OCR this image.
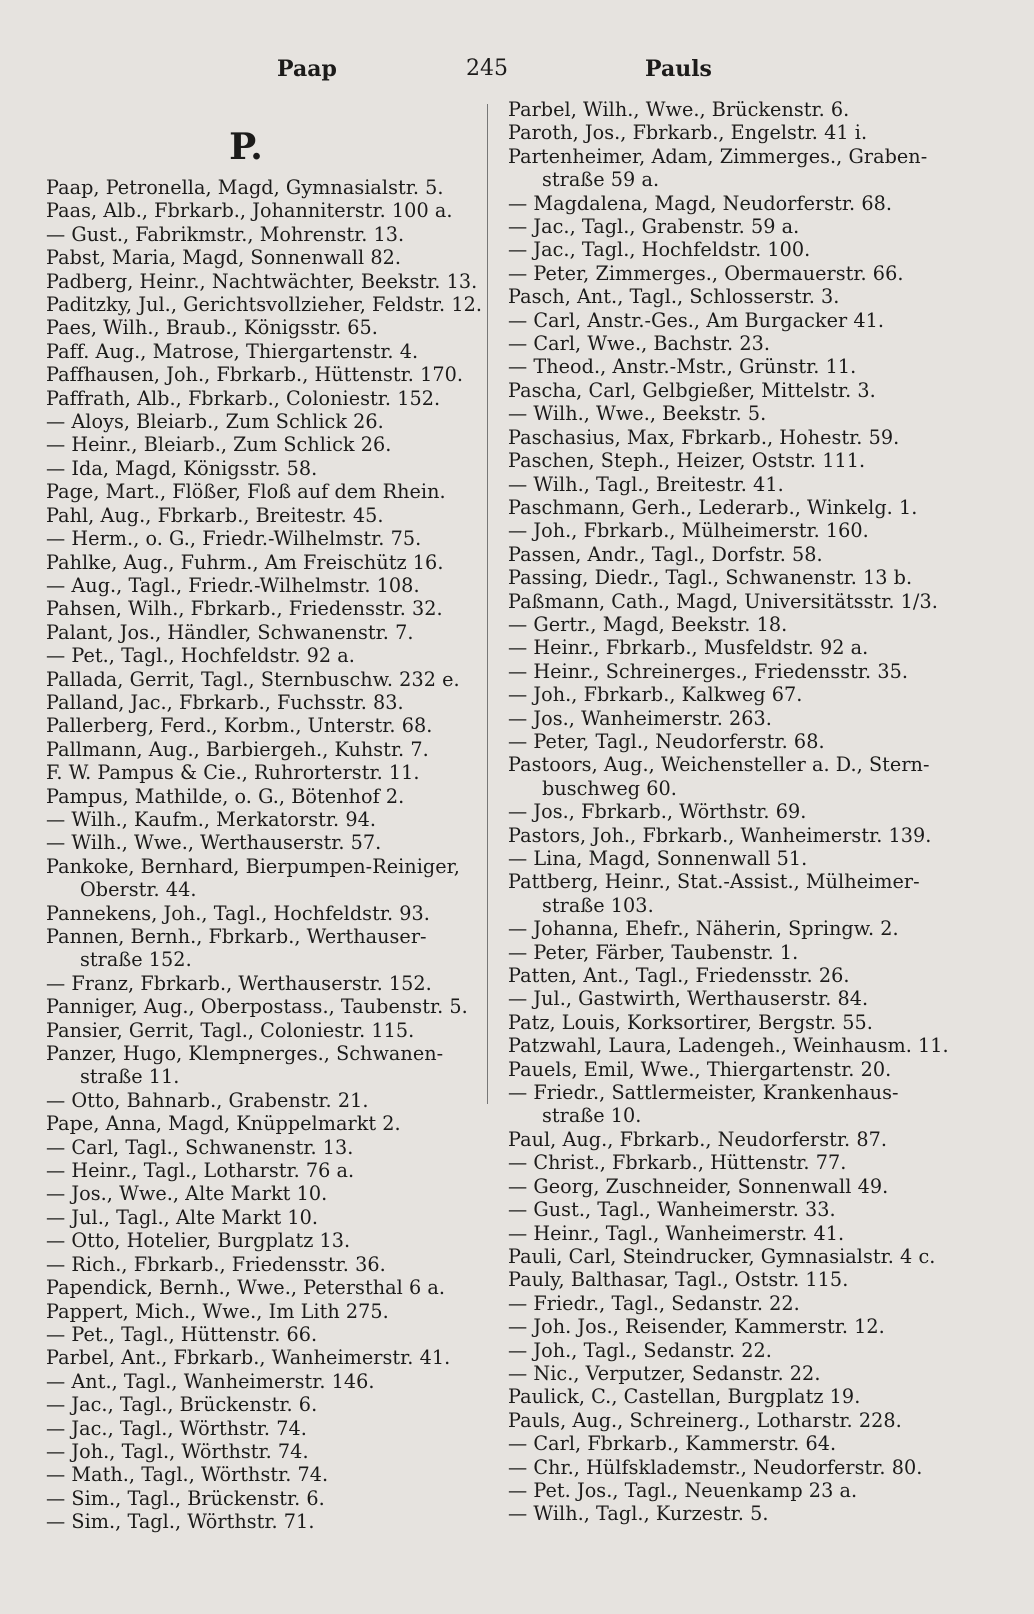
Paap	245	Pauls
P.
Paap, Petronella, Magd, Gymnasialstr. 5.
Paas, Alb., Fbrkarb., Johanniterstr. 100 a.
— Gust., Fabrikmstr., Mohrenstr. 13.
Pabst, Maria, Magd, Sonnenwall 82.
Padberg, Heinr., Nachtwächter, Beekstr. 13.
Paditzky, Jul., Gerichtsvollzieher, Feldstr. 12.
Paes, Wilh., Braub., Königsstr. 65.
Paff. Aug., Matrose, Thiergartenstr. 4.
Paffhausen, Joh., Fbrkarb., Hüttenstr. 170.
Paffrath, Alb., Fbrkarb., Coloniestr. 152.
— Aloys, Bleiarb., Zum Schlick 26.
— Heinr., Bleiarb., Zum Schlick 26.
— Ida, Magd, Königsstr. 58.
Page, Mart., Flößer, Floß auf dem Rhein.
Pahl, Aug., Fbrkarb., Breitestr. 45.
— Herm., o. G., Friedr.-Wilhelmstr. 75.
Pahlke, Aug., Fuhrm., Am Freischütz 16.
— Aug., Tagl., Friedr.-Wilhelmstr. 108.
Pahsen, Wilh., Fbrkarb., Friedensstr. 32.
Palant, Jos., Händler, Schwanenstr. 7.
— Pet., Tagl., Hochfeldstr. 92 a.
Pallada, Gerrit, Tagl., Sternbuschw. 232 e.
Palland, Jac., Fbrkarb., Fuchsstr. 83.
Pallerberg, Ferd., Korbm., Unterstr. 68.
Pallmann, Aug., Barbiergeh., Kuhstr. 7.
F. W. Pampus & Cie., Ruhrorterstr. 11.
Pampus, Mathilde, o. G., Bötenhof 2.
— Wilh., Kaufm., Merkatorstr. 94.
— Wilh., Wwe., Werthauserstr. 57.
Pankoke, Bernhard, Bierpumpen-Reiniger,
Oberstr. 44.
Pannekens, Joh., Tagl., Hochfeldstr. 93.
Pannen, Bernh., Fbrkarb., Werthauser-
straße 152.
— Franz, Fbrkarb., Werthauserstr. 152.
Panniger, Aug., Oberpostass., Taubenstr. 5.
Pansier, Gerrit, Tagl., Coloniestr. 115.
Panzer, Hugo, Klempnerges., Schwanen-
straße 11.
— Otto, Bahnarb., Grabenstr. 21.
Pape, Anna, Magd, Knüppelmarkt 2.
— Carl, Tagl., Schwanenstr. 13.
— Heinr., Tagl., Lotharstr. 76 a.
— Jos., Wwe., Alte Markt 10.
— Jul., Tagl., Alte Markt 10.
— Otto, Hotelier, Burgplatz 13.
— Rich., Fbrkarb., Friedensstr. 36.
Papendick, Bernh., Wwe., Petersthal 6 a.
Pappert, Mich., Wwe., Im Lith 275.
— Pet., Tagl., Hüttenstr. 66.
Parbel, Ant., Fbrkarb., Wanheimerstr. 41.
— Ant., Tagl., Wanheimerstr. 146.
— Jac., Tagl., Brückenstr. 6.
— Jac., Tagl., Wörthstr. 74.
— Joh., Tagl., Wörthstr. 74.
— Math., Tagl., Wörthstr. 74.
— Sim., Tagl., Brückenstr. 6.
— Sim., Tagl., Wörthstr. 71.
Parbel, Wilh., Wwe., Brückenstr. 6.
Paroth, Jos., Fbrkarb., Engelstr. 41 i.
Partenheimer, Adam, Zimmerges., Graben-
straße 59 a.
— Magdalena, Magd, Neudorferstr. 68.
— Jac., Tagl., Grabenstr. 59 a.
— Jac., Tagl., Hochfeldstr. 100.
— Peter, Zimmerges., Obermauerstr. 66.
Pasch, Ant., Tagl., Schlosserstr. 3.
— Carl, Anstr.-Ges., Am Burgacker 41.
— Carl, Wwe., Bachstr. 23.
— Theod., Anstr.-Mstr., Grünstr. 11.
Pascha, Carl, Gelbgießer, Mittelstr. 3.
— Wilh., Wwe., Beekstr. 5.
Paschasius, Max, Fbrkarb., Hohestr. 59.
Paschen, Steph., Heizer, Oststr. 111.
— Wilh., Tagl., Breitestr. 41.
Paschmann, Gerh., Lederarb., Winkelg. 1.
— Joh., Fbrkarb., Mülheimerstr. 160.
Passen, Andr., Tagl., Dorfstr. 58.
Passing, Diedr., Tagl., Schwanenstr. 13 b.
Paßmann, Cath., Magd, Universitätsstr. 1/3.
— Gertr., Magd, Beekstr. 18.
— Heinr., Fbrkarb., Musfeldstr. 92 a.
— Heinr., Schreinerges., Friedensstr. 35.
— Joh., Fbrkarb., Kalkweg 67.
— Jos., Wanheimerstr. 263.
— Peter, Tagl., Neudorferstr. 68.
Pastoors, Aug., Weichensteller a. D., Stern-
buschweg 60.
— Jos., Fbrkarb., Wörthstr. 69.
Pastors, Joh., Fbrkarb., Wanheimerstr. 139.
— Lina, Magd, Sonnenwall 51.
Pattberg, Heinr., Stat.-Assist., Mülheimer-
straße 103.
— Johanna, Ehefr., Näherin, Springw. 2.
— Peter, Färber, Taubenstr. 1.
Patten, Ant., Tagl., Friedensstr. 26.
— Jul., Gastwirth, Werthauserstr. 84.
Patz, Louis, Korksortirer, Bergstr. 55.
Patzwahl, Laura, Ladengeh., Weinhausm. 11.
Pauels, Emil, Wwe., Thiergartenstr. 20.
— Friedr., Sattlermeister, Krankenhaus-
straße 10.
Paul, Aug., Fbrkarb., Neudorferstr. 87.
— Christ., Fbrkarb., Hüttenstr. 77.
— Georg, Zuschneider, Sonnenwall 49.
— Gust., Tagl., Wanheimerstr. 33.
— Heinr., Tagl., Wanheimerstr. 41.
Pauli, Carl, Steindrucker, Gymnasialstr. 4 c.
Pauly, Balthasar, Tagl., Oststr. 115.
— Friedr., Tagl., Sedanstr. 22.
— Joh. Jos., Reisender, Kammerstr. 12.
— Joh., Tagl., Sedanstr. 22.
— Nic., Verputzer, Sedanstr. 22.
Paulick, C., Castellan, Burgplatz 19.
Pauls, Aug., Schreinerg., Lotharstr. 228.
— Carl, Fbrkarb., Kammerstr. 64.
— Chr., Hülfsklademstr., Neudorferstr. 80.
— Pet. Jos., Tagl., Neuenkamp 23 a.
— Wilh., Tagl., Kurzestr. 5.
